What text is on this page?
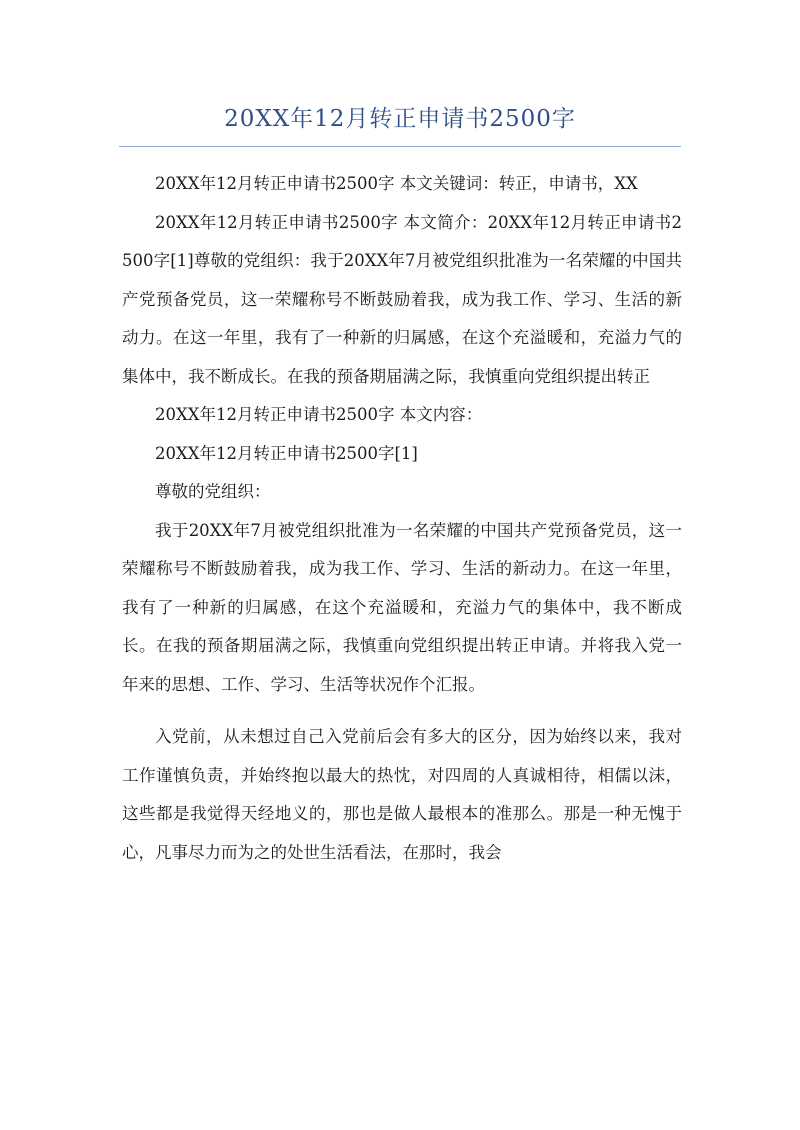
20XX年12月转正申请书2500字

20XX年12月转正申请书2500字 本文关键词：转正，申请书，XX

20XX年12月转正申请书2500字 本文简介：20XX年12月转正申请书2500字[1]尊敬的党组织：我于20XX年7月被党组织批准为一名荣耀的中国共产党预备党员，这一荣耀称号不断鼓励着我，成为我工作、学习、生活的新动力。在这一年里，我有了一种新的归属感，在这个充溢暖和，充溢力气的集体中，我不断成长。在我的预备期届满之际，我慎重向党组织提出转正

20XX年12月转正申请书2500字 本文内容：

20XX年12月转正申请书2500字[1]

尊敬的党组织：

我于20XX年7月被党组织批准为一名荣耀的中国共产党预备党员，这一荣耀称号不断鼓励着我，成为我工作、学习、生活的新动力。在这一年里，我有了一种新的归属感，在这个充溢暖和，充溢力气的集体中，我不断成长。在我的预备期届满之际，我慎重向党组织提出转正申请。并将我入党一年来的思想、工作、学习、生活等状况作个汇报。

入党前，从未想过自己入党前后会有多大的区分，因为始终以来，我对工作谨慎负责，并始终抱以最大的热忱，对四周的人真诚相待，相儒以沫，这些都是我觉得天经地义的，那也是做人最根本的准那么。那是一种无愧于心，凡事尽力而为之的处世生活看法，在那时，我会
